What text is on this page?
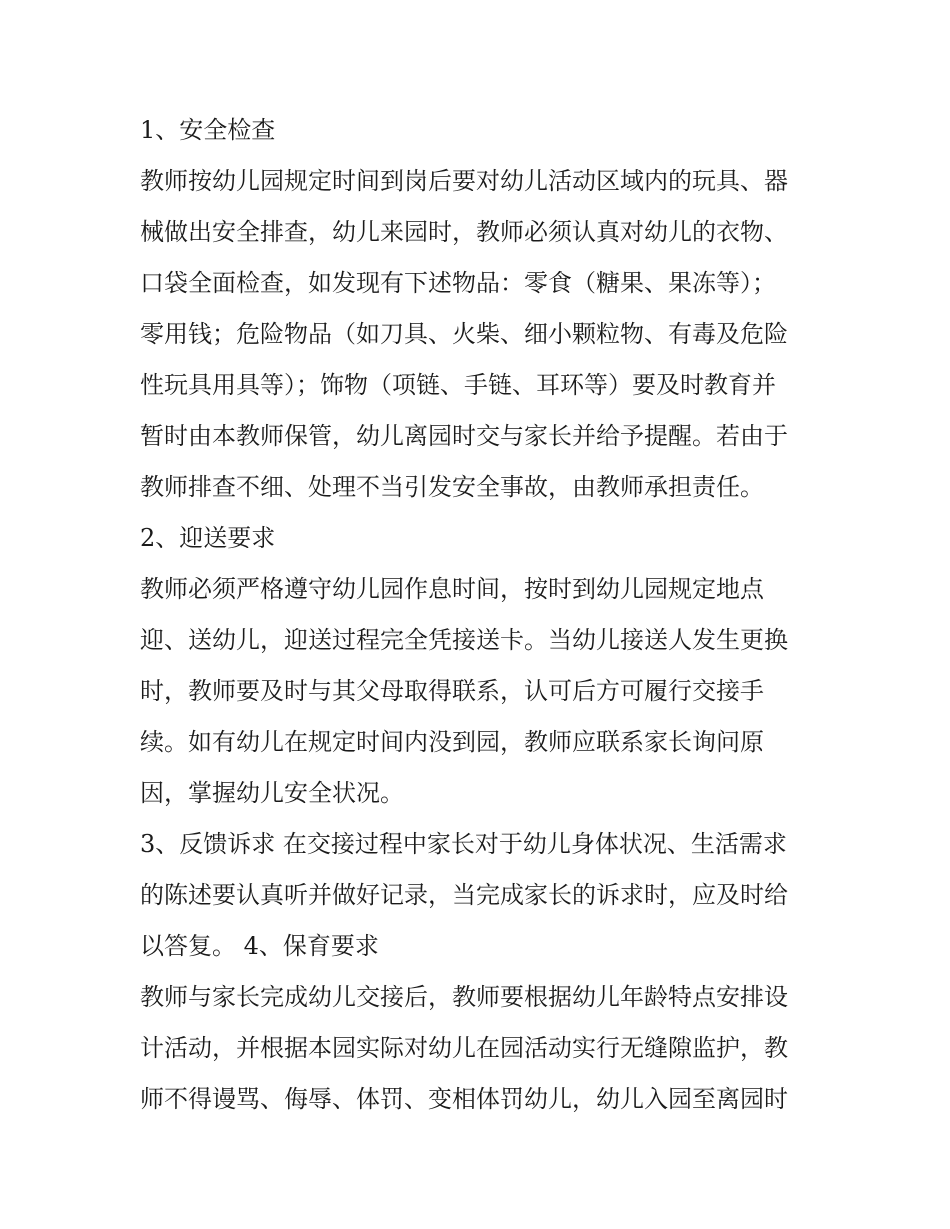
1、安全检查
教师按幼儿园规定时间到岗后要对幼儿活动区域内的玩具、器
械做出安全排查，幼儿来园时，教师必须认真对幼儿的衣物、
口袋全面检查，如发现有下述物品：零食（糖果、果冻等）；
零用钱；危险物品（如刀具、火柴、细小颗粒物、有毒及危险
性玩具用具等）；饰物（项链、手链、耳环等）要及时教育并
暂时由本教师保管，幼儿离园时交与家长并给予提醒。若由于
教师排查不细、处理不当引发安全事故，由教师承担责任。
2、迎送要求
教师必须严格遵守幼儿园作息时间，按时到幼儿园规定地点
迎、送幼儿，迎送过程完全凭接送卡。当幼儿接送人发生更换
时，教师要及时与其父母取得联系，认可后方可履行交接手
续。如有幼儿在规定时间内没到园，教师应联系家长询问原
因，掌握幼儿安全状况。
3、反馈诉求 在交接过程中家长对于幼儿身体状况、生活需求
的陈述要认真听并做好记录，当完成家长的诉求时，应及时给
以答复。 4、保育要求
教师与家长完成幼儿交接后，教师要根据幼儿年龄特点安排设
计活动，并根据本园实际对幼儿在园活动实行无缝隙监护，教
师不得谩骂、侮辱、体罚、变相体罚幼儿，幼儿入园至离园时
